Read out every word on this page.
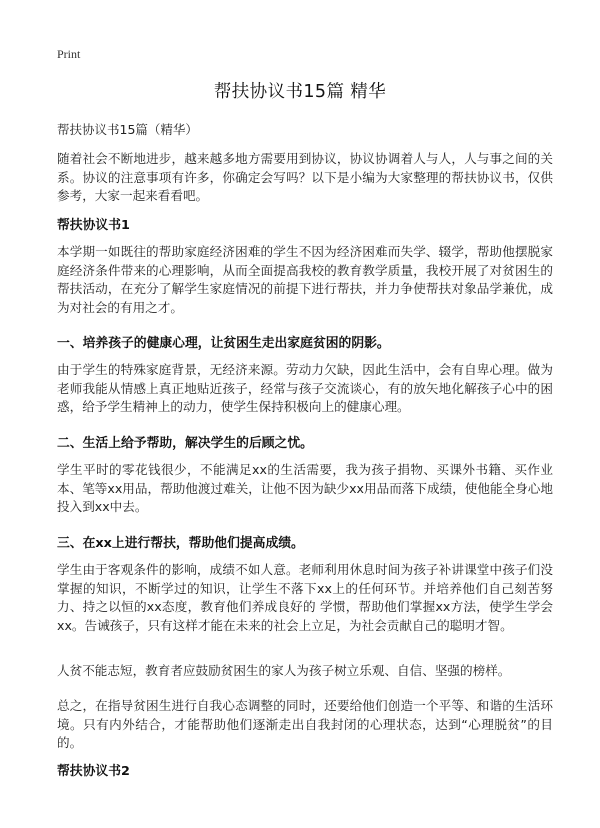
Print
帮扶协议书15篇 精华
帮扶协议书15篇（精华）

随着社会不断地进步，越来越多地方需要用到协议，协议协调着人与人，人与事之间的关系。协议的注意事项有许多，你确定会写吗？以下是小编为大家整理的帮扶协议书，仅供参考，大家一起来看看吧。

帮扶协议书1

本学期一如既往的帮助家庭经济困难的学生不因为经济困难而失学、辍学，帮助他摆脱家庭经济条件带来的心理影响，从而全面提高我校的教育教学质量，我校开展了对贫困生的帮扶活动，在充分了解学生家庭情况的前提下进行帮扶，并力争使帮扶对象品学兼优，成为对社会的有用之才。

一、培养孩子的健康心理，让贫困生走出家庭贫困的阴影。

由于学生的特殊家庭背景，无经济来源。劳动力欠缺，因此生活中，会有自卑心理。做为老师我能从情感上真正地贴近孩子，经常与孩子交流谈心，有的放矢地化解孩子心中的困惑，给予学生精神上的动力，使学生保持积极向上的健康心理。

二、生活上给予帮助，解决学生的后顾之忧。

学生平时的零花钱很少，不能满足xx的生活需要，我为孩子捐物、买课外书籍、买作业本、笔等xx用品，帮助他渡过难关，让他不因为缺少xx用品而落下成绩，使他能全身心地投入到xx中去。

三、在xx上进行帮扶，帮助他们提高成绩。

学生由于客观条件的影响，成绩不如人意。老师利用休息时间为孩子补讲课堂中孩子们没掌握的知识，不断学过的知识，让学生不落下xx上的任何环节。并培养他们自己刻苦努力、持之以恒的xx态度，教育他们养成良好的 学惯，帮助他们掌握xx方法，使学生学会xx。告诫孩子，只有这样才能在未来的社会上立足，为社会贡献自己的聪明才智。

人贫不能志短，教育者应鼓励贫困生的家人为孩子树立乐观、自信、坚强的榜样。

总之，在指导贫困生进行自我心态调整的同时，还要给他们创造一个平等、和谐的生活环境。只有内外结合，才能帮助他们逐渐走出自我封闭的心理状态，达到“心理脱贫”的目的。

帮扶协议书2
